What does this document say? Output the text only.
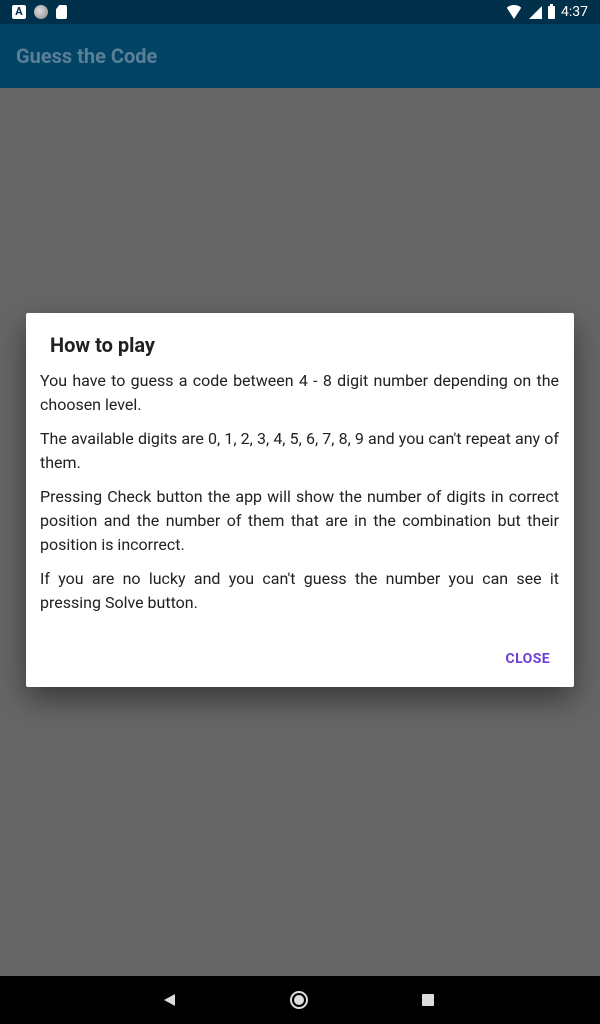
A	4:37
Guess the Code
How to play

You have to guess a code between 4 - 8 digit number depending on the choosen level.

The available digits are 0, 1, 2, 3, 4, 5, 6, 7, 8, 9 and you can't repeat any of them.

Pressing Check button the app will show the number of digits in correct position and the number of them that are in the combination but their position is incorrect.

If you are no lucky and you can't guess the number you can see it pressing Solve button.

CLOSE
